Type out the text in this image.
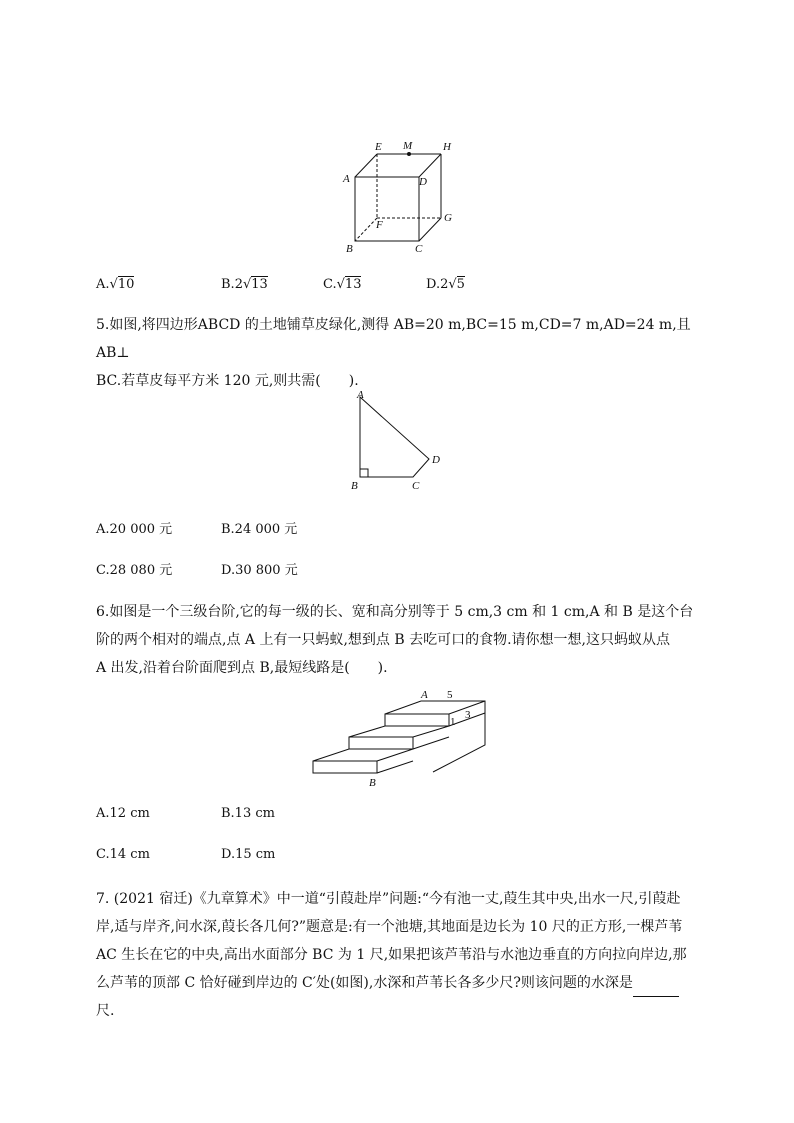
A
B	C
D
E
F
G
H
M
A.√10	B.2√13	C.√13	D.2√5

5.如图,将四边形ABCD 的土地铺草皮绿化,测得 AB=20 m,BC=15 m,CD=7 m,AD=24 m,且 AB⊥

BC.若草皮每平方米 120 元,则共需(　　).

A
B	C
D
A.20 000 元	B.24 000 元
C.28 080 元	D.30 800 元

6.如图是一个三级台阶,它的每一级的长、宽和高分别等于 5 cm,3 cm 和 1 cm,A 和 B 是这个台

阶的两个相对的端点,点 A 上有一只蚂蚁,想到点 B 去吃可口的食物.请你想一想,这只蚂蚁从点

A 出发,沿着台阶面爬到点 B,最短线路是(　　).

A
B
5
3
1
A.12 cm	B.13 cm
C.14 cm	D.15 cm

7. (2021 宿迁)《九章算术》中一道“引葭赴岸”问题:“今有池一丈,葭生其中央,出水一尺,引葭赴

岸,适与岸齐,问水深,葭长各几何?”题意是:有一个池塘,其地面是边长为 10 尺的正方形,一棵芦苇

AC 生长在它的中央,高出水面部分 BC 为 1 尺,如果把该芦苇沿与水池边垂直的方向拉向岸边,那

么芦苇的顶部 C 恰好碰到岸边的 C′处(如图),水深和芦苇长各多少尺?则该问题的水深是

尺.
